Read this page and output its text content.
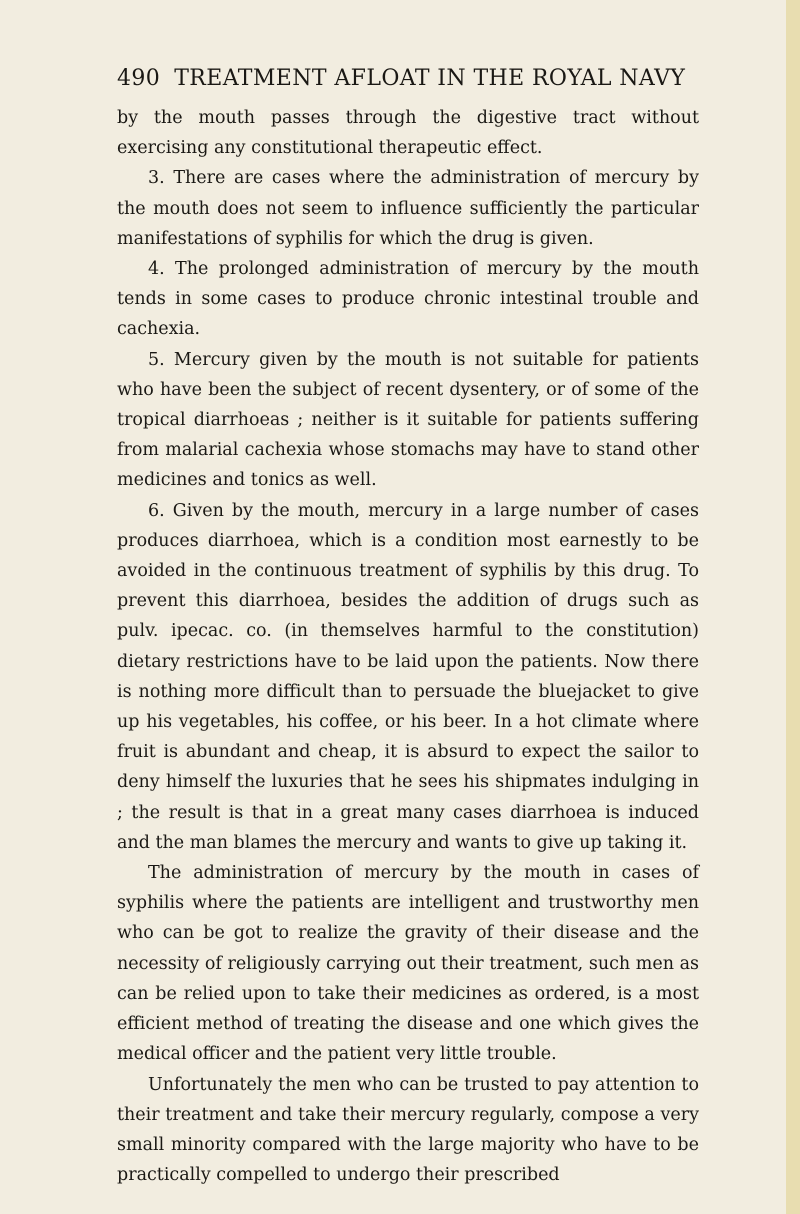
490 TREATMENT AFLOAT IN THE ROYAL NAVY

by the mouth passes through the digestive tract without exercising any constitutional therapeutic effect.

3. There are cases where the administration of mercury by the mouth does not seem to influence sufficiently the particular manifestations of syphilis for which the drug is given.

4. The prolonged administration of mercury by the mouth tends in some cases to produce chronic intestinal trouble and cachexia.

5. Mercury given by the mouth is not suitable for patients who have been the subject of recent dysentery, or of some of the tropical diarrhoeas ; neither is it suitable for patients suffering from malarial cachexia whose stomachs may have to stand other medicines and tonics as well.

6. Given by the mouth, mercury in a large number of cases produces diarrhoea, which is a condition most earnestly to be avoided in the continuous treatment of syphilis by this drug. To prevent this diarrhoea, besides the addition of drugs such as pulv. ipecac. co. (in themselves harmful to the constitution) dietary restrictions have to be laid upon the patients. Now there is nothing more difficult than to persuade the bluejacket to give up his vegetables, his coffee, or his beer. In a hot climate where fruit is abundant and cheap, it is absurd to expect the sailor to deny himself the luxuries that he sees his shipmates indulging in ; the result is that in a great many cases diarrhoea is induced and the man blames the mercury and wants to give up taking it.

The administration of mercury by the mouth in cases of syphilis where the patients are intelligent and trustworthy men who can be got to realize the gravity of their disease and the necessity of religiously carrying out their treatment, such men as can be relied upon to take their medicines as ordered, is a most efficient method of treating the disease and one which gives the medical officer and the patient very little trouble.

Unfortunately the men who can be trusted to pay attention to their treatment and take their mercury regularly, compose a very small minority compared with the large majority who have to be practically compelled to undergo their prescribed
